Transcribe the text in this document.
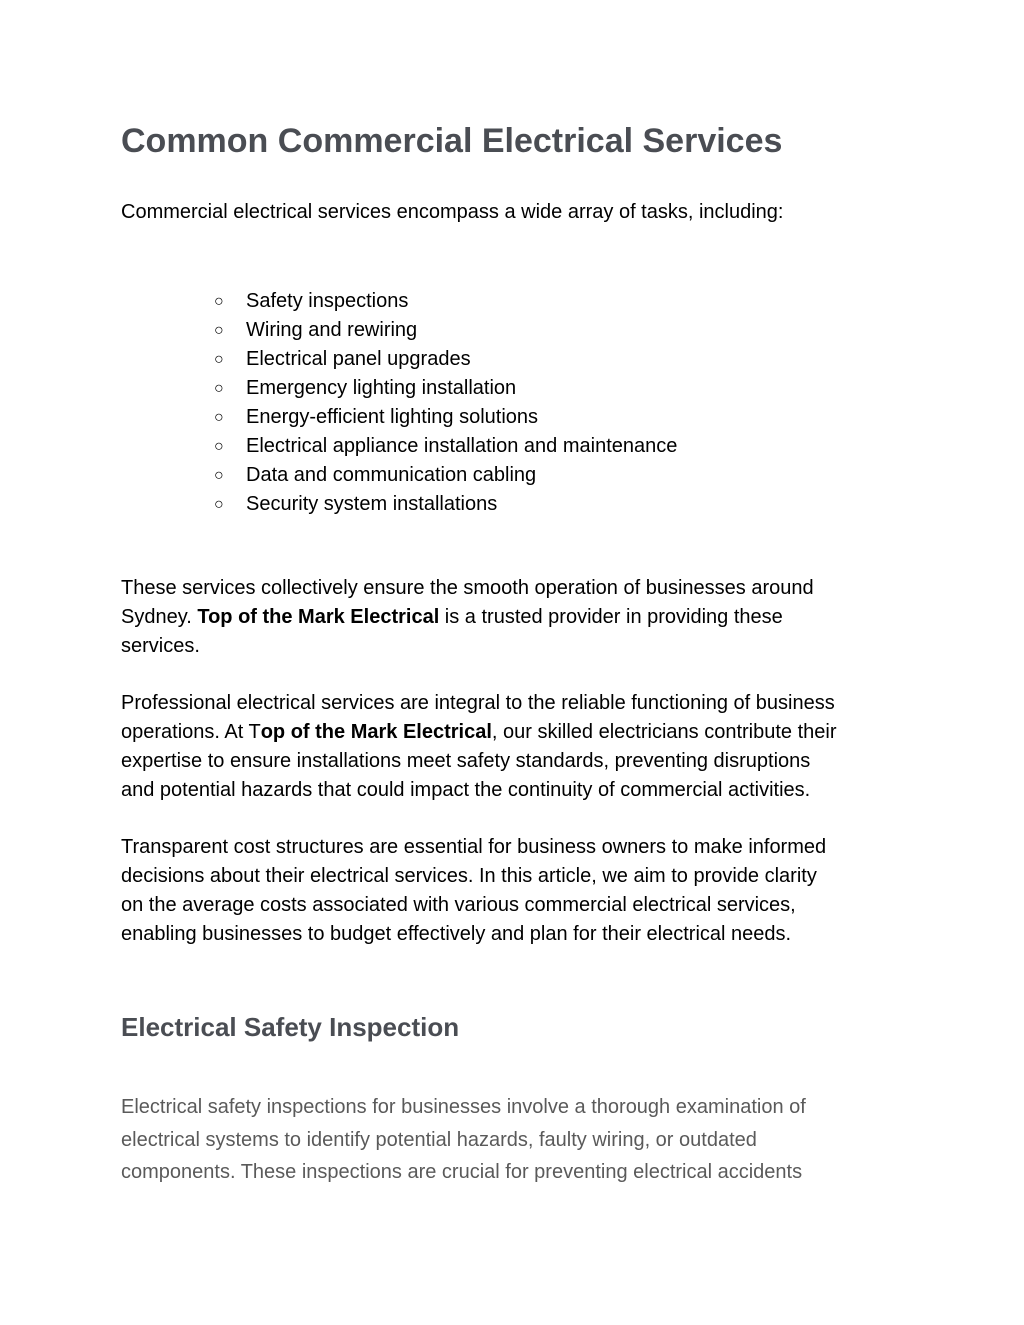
Common Commercial Electrical Services

Commercial electrical services encompass a wide array of tasks, including:

○ Safety inspections
○ Wiring and rewiring
○ Electrical panel upgrades
○ Emergency lighting installation
○ Energy-efficient lighting solutions
○ Electrical appliance installation and maintenance
○ Data and communication cabling
○ Security system installations

These services collectively ensure the smooth operation of businesses around
Sydney. Top of the Mark Electrical is a trusted provider in providing these
services.

Professional electrical services are integral to the reliable functioning of business
operations. At Top of the Mark Electrical, our skilled electricians contribute their
expertise to ensure installations meet safety standards, preventing disruptions
and potential hazards that could impact the continuity of commercial activities.

Transparent cost structures are essential for business owners to make informed
decisions about their electrical services. In this article, we aim to provide clarity
on the average costs associated with various commercial electrical services,
enabling businesses to budget effectively and plan for their electrical needs.

Electrical Safety Inspection

Electrical safety inspections for businesses involve a thorough examination of
electrical systems to identify potential hazards, faulty wiring, or outdated
components. These inspections are crucial for preventing electrical accidents
